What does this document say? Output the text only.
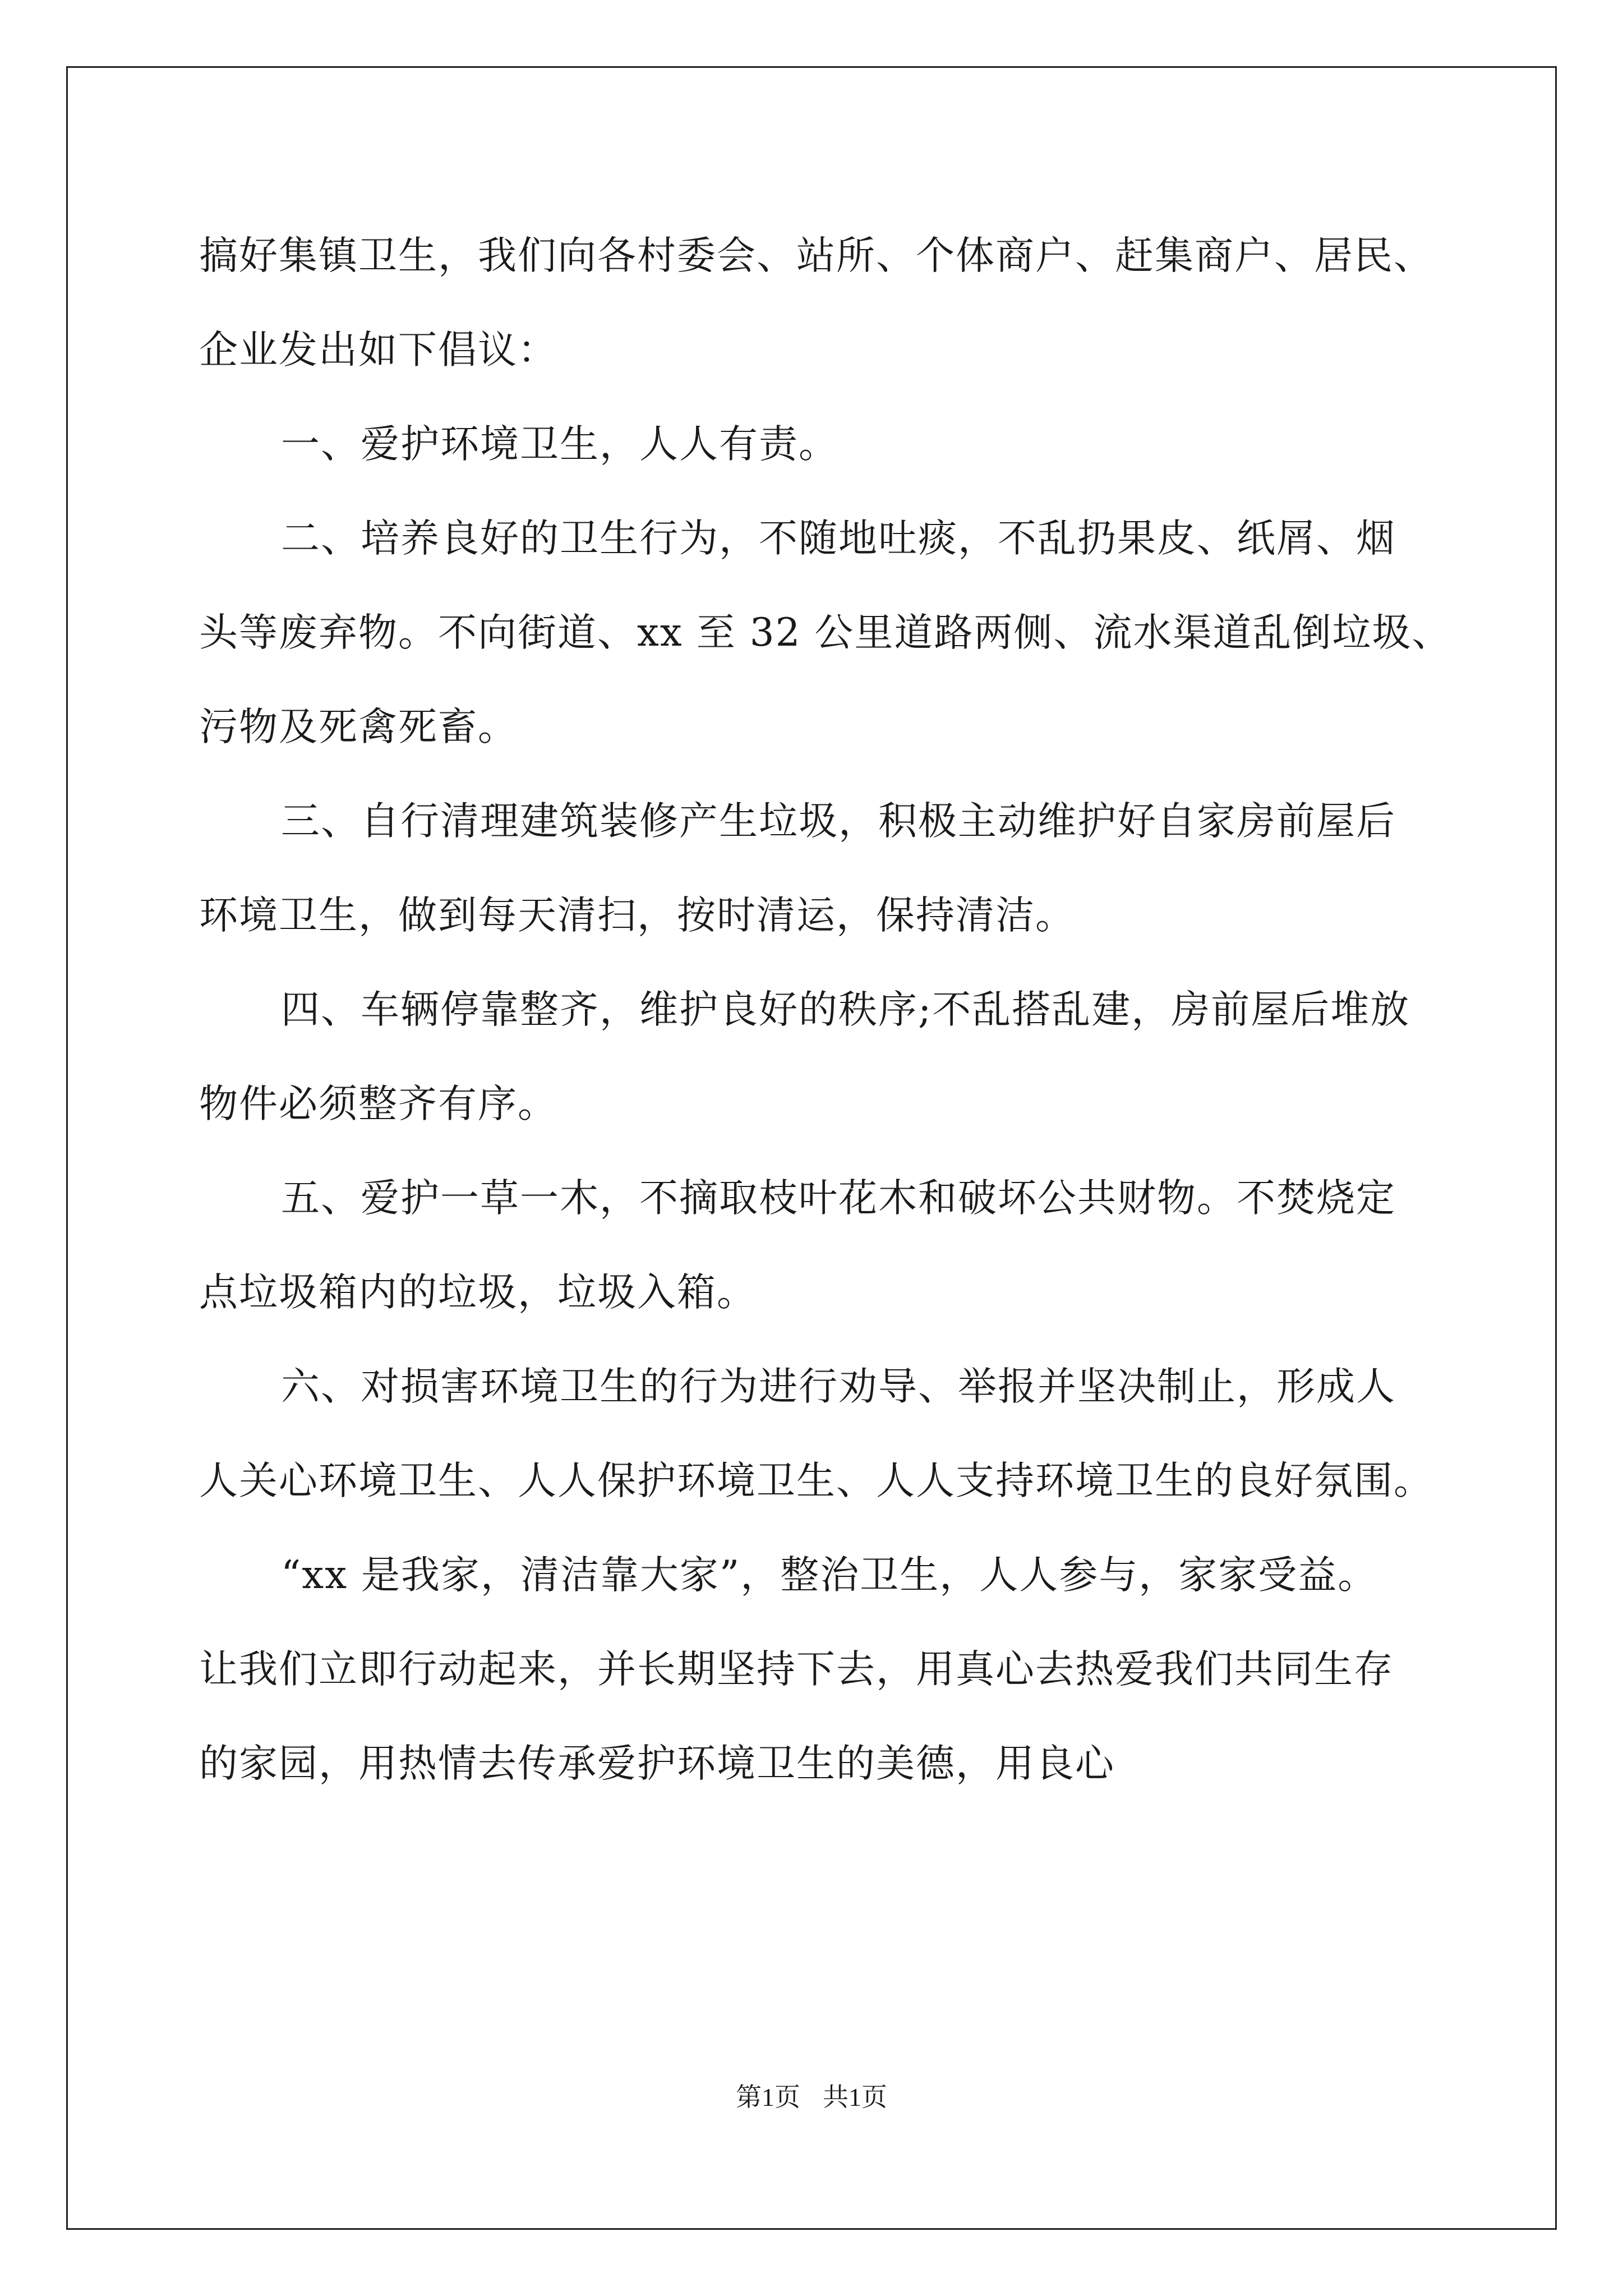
搞好集镇卫生，我们向各村委会、站所、个体商户、赶集商户、居民、
企业发出如下倡议：
一、爱护环境卫生，人人有责。
二、培养良好的卫生行为，不随地吐痰，不乱扔果皮、纸屑、烟
头等废弃物。不向街道、xx 至 32 公里道路两侧、流水渠道乱倒垃圾、
污物及死禽死畜。
三、自行清理建筑装修产生垃圾，积极主动维护好自家房前屋后
环境卫生，做到每天清扫，按时清运，保持清洁。
四、车辆停靠整齐，维护良好的秩序;不乱搭乱建，房前屋后堆放
物件必须整齐有序。
五、爱护一草一木，不摘取枝叶花木和破坏公共财物。不焚烧定
点垃圾箱内的垃圾，垃圾入箱。
六、对损害环境卫生的行为进行劝导、举报并坚决制止，形成人
人关心环境卫生、人人保护环境卫生、人人支持环境卫生的良好氛围。
“xx 是我家，清洁靠大家”，整治卫生，人人参与，家家受益。
让我们立即行动起来，并长期坚持下去，用真心去热爱我们共同生存
的家园，用热情去传承爱护环境卫生的美德，用良心
第1页 共1页
